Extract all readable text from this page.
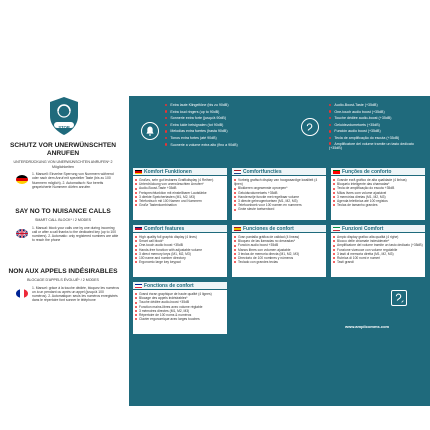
STOP
SCHUTZ VOR UNERWÜNSCHTEN ANRUFEN
UNTERDRÜCKUNG VON UNERWÜNSCHTEN ANRUFEN* 2 Möglichkeiten
1. Manuell: Einzelne Sperrung von Nummern während oder nach dem Anruf mit spezieller Taste (bis zu 100 Nummern möglich). 2. Automatisch: Nur bereits gespeicherte Nummern dürfen anrufen
SAY NO TO NUISANCE CALLS
SMART CALL BLOCK* / 2 MODES
1. Manual: block your calls one by one during incoming call or after a call thanks to the dedicated key (up to 100 numbers). 2. Automatic: only registered numbers are able to reach the phone
NON AUX APPELS INDÉSIRABLES
BLOCAGE D'APPELS ÉVOLUÉ* / 2 MODES
1. Manuel: grâce à la touche dédiée, bloquez les numéros un à un pendant ou après un appel (jusqu'à 100 numéros). 2. Automatique: seuls les numéros enregistrés dans le répertoire font sonner le téléphone
Extra laute Klingeltöne (bis zu 90dB)
Extra loud ringers (up to 90dB)
Sonnerie extra forte (jusqu'à 90dB)
Extra luide belsignalen (tot 90dB)
Melodías extra fuertes (hasta 90dB)
Tonos extra fortes (até 90dB)
Suonerie a volume extra alto (fino a 90dB)
Audio-Boost-Taste (+35dB)
One-touch audio boost (+35dB)
Touche dédiée audio-boost (+35dB)
Geluidsvolumetoets (+35dB)
Función audio boost (+35dB)
Tecla de amplificação do escuta (+35dB)
Amplificatore del volume tramite un tasto dedicato (+35dB)
Komfort Funktionen
Großes, sehr gut lesbares Grafikdisplay (4 Reihen)
Unterdrückung von unerwünschten Anrufen*
Audio-Boost-Taste +35dB
Freisprechfunktion mit einstellbarer Lautstärke
3 direkte Speichertasten (M1, M2, M3)
Telefonbuch mit 100 Namen und Nummern
Große Tastenkombination
Comfortfuncties
Vorbeig grafisch display van hoogwaardige kwaliteit (4 lijnen)
Blokkeren ongewenste oproepen*
Geluidsvolumetoets +35dB
Handenvrije functie met regelbaar volume
3 directe geheugentoetsen (M1, M2, M3)
Telefoonboek voor 100 namen en nummers
Grote sleute toetsenbord
Funções de conforto
Grande ecrã gráfico de alta qualidade (4 linhas)
Bloqueio inteligente das chamadas*
Tecla de amplificação do escuta +35dB
Mãos livres com volume ajustável
3 memórias diretas (M1, M2, M3)
Agenda telefónica até 100 registos
Teclas de tamanho grandes
Comfort features
High quality full graphic display (4 lines)
Smart call block*
One-touch audio boost +35dB
Hands-free function with adjustable volume
3 direct memory keys (M1, M2, M3)
100 name and number directory
Ergonomic large key keypad
Funciones de confort
Gran pantalla gráfica de calidad (4 líneas)
Bloqueo de las llamadas no deseadas*
Función audio boost +35dB
Manos libres con volumen ajustable
3 teclas de memoria directa (M1, M2, M3)
Directorio de 100 nombres y números
Teclado con grandes teclas
Funzioni Comfort
Ampio display grafico alta qualità (4 righe)
Blocco delle chiamate indesiderate*
Amplificatore del volume tramite un tasto dedicato (+35dB)
Funzione vivavoce con volume regolabile
3 tasti di memoria diretta (M1, M2, M3)
Rubrica di 100 nomi e numeri
Tasti grandi
Fonctions de confort
Grand écran graphique de haute qualité (4 lignes)
Blocage des appels indésirables*
Touche dédiée audio-boost +35dB
Fonction mains-libres avec volume réglable
3 mémoires directes (M1, M2, M3)
Répertoire de 100 noms & numéros
Clavier ergonomique avec larges touches
www.amplicomms.com
